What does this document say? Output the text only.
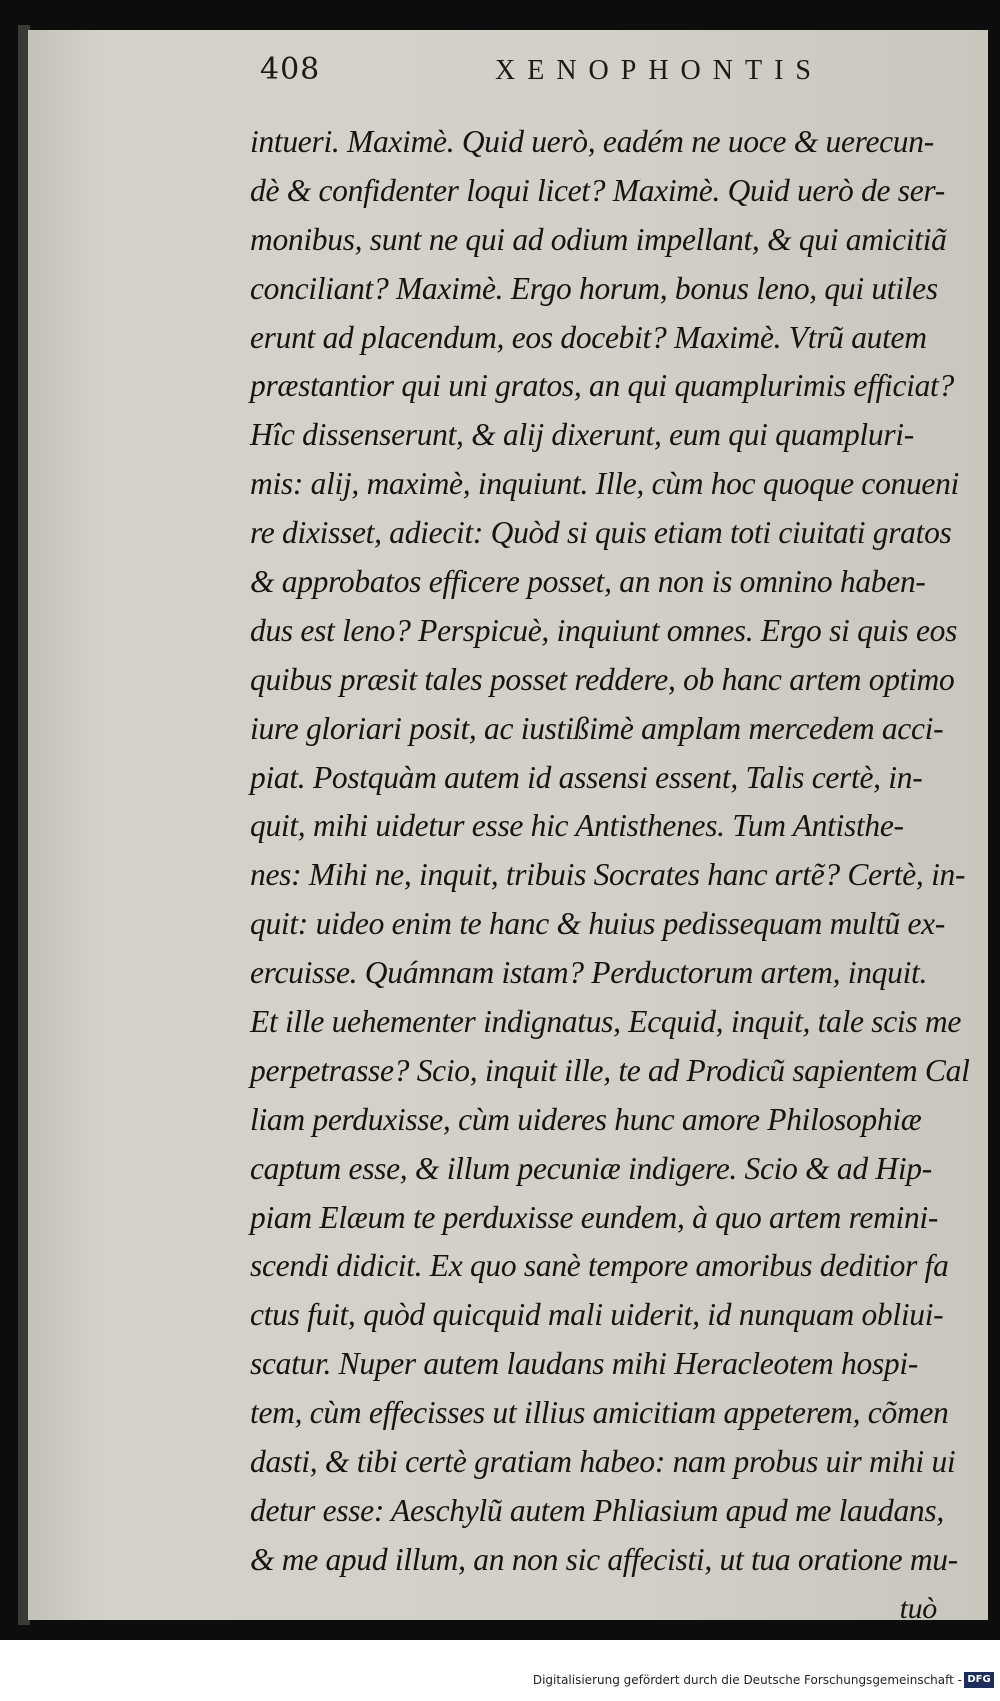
408	XENOPHONTIS
intueri. Maximè. Quid uerò, eadém ne uoce & uerecun-
dè & confidenter loqui licet? Maximè. Quid uerò de ser-
monibus, sunt ne qui ad odium impellant, & qui amicitiã
conciliant? Maximè. Ergo horum, bonus leno, qui utiles
erunt ad placendum, eos docebit? Maximè. Vtrũ autem
præstantior qui uni gratos, an qui quamplurimis efficiat?
Hîc dissenserunt, & alij dixerunt, eum qui quampluri-
mis: alij, maximè, inquiunt. Ille, cùm hoc quoque conueni
re dixisset, adiecit: Quòd si quis etiam toti ciuitati gratos
& approbatos efficere posset, an non is omnino haben-
dus est leno? Perspicuè, inquiunt omnes. Ergo si quis eos
quibus præsit tales posset reddere, ob hanc artem optimo
iure gloriari posit, ac iustißimè amplam mercedem acci-
piat. Postquàm autem id assensi essent, Talis certè, in-
quit, mihi uidetur esse hic Antisthenes. Tum Antisthe-
nes: Mihi ne, inquit, tribuis Socrates hanc artẽ? Certè, in-
quit: uideo enim te hanc & huius pedissequam multũ ex-
ercuisse. Quámnam istam? Perductorum artem, inquit.
Et ille uehementer indignatus, Ecquid, inquit, tale scis me
perpetrasse? Scio, inquit ille, te ad Prodicũ sapientem Cal
liam perduxisse, cùm uideres hunc amore Philosophiæ
captum esse, & illum pecuniæ indigere. Scio & ad Hip-
piam Elæum te perduxisse eundem, à quo artem remini-
scendi didicit. Ex quo sanè tempore amoribus deditior fa
ctus fuit, quòd quicquid mali uiderit, id nunquam obliui-
scatur. Nuper autem laudans mihi Heracleotem hospi-
tem, cùm effecisses ut illius amicitiam appeterem, cõmen
dasti, & tibi certè gratiam habeo: nam probus uir mihi ui
detur esse: Aeschylũ autem Phliasium apud me laudans,
& me apud illum, an non sic affecisti, ut tua oratione mu-
tuò
Digitalisierung gefördert durch die Deutsche Forschungsgemeinschaft - DFG
